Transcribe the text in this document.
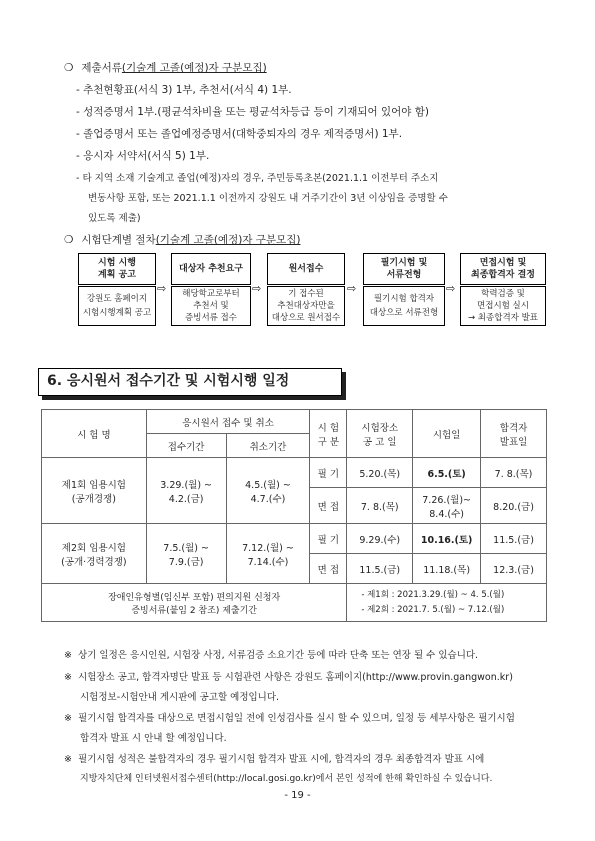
❍ 제출서류(기술계 고졸(예정)자 구분모집)
- 추천현황표(서식 3) 1부, 추천서(서식 4) 1부.
- 성적증명서 1부.(평균석차비율 또는 평균석차등급 등이 기재되어 있어야 함)
- 졸업증명서 또는 졸업예정증명서(대학중퇴자의 경우 제적증명서) 1부.
- 응시자 서약서(서식 5) 1부.
- 타 지역 소재 기술계고 졸업(예정)자의 경우, 주민등록초본(2021.1.1 이전부터 주소지
변동사항 포함, 또는 2021.1.1 이전까지 강원도 내 거주기간이 3년 이상임을 증명할 수
있도록 제출)
❍ 시험단계별 절차(기술계 고졸(예정)자 구분모집)
시험 시행
계획 공고
강원도 홈페이지
시험시행계획 공고
⇨
대상자 추천요구
해당학교로부터
추천서 및
증빙서류 접수
⇨
원서접수
기 접수된
추천대상자만을
대상으로 원서접수
⇨
필기시험 및
서류전형
필기시험 합격자
대상으로 서류전형
⇨
면접시험 및
최종합격자 결정
학력검증 및
면접시험 실시
→ 최종합격자 발표
6. 응시원서 접수기간 및 시험시행 일정
시 험 명	응시원서 접수 및 취소		시 험
구 분	시험장소
공 고 일	시험일	합격자
발표일
	접수기간	취소기간				
제1회 임용시험
(공개경쟁)	3.29.(월) ~
4.2.(금)	4.5.(월) ~
4.7.(수)	필 기	5.20.(목)	6.5.(토)	7. 8.(목)
			면 접	7. 8.(목)	7.26.(월)~
8.4.(수)	8.20.(금)
제2회 임용시험
(공개·경력경쟁)	7.5.(월) ~
7.9.(금)	7.12.(월) ~
7.14.(수)	필 기	9.29.(수)	10.16.(토)	11.5.(금)
			면 접	11.5.(금)	11.18.(목)	12.3.(금)
장애인유형별(임신부 포함) 편의지원 신청자
증빙서류(붙임 2 참조) 제출기간				- 제1회 : 2021.3.29.(월) ~ 4. 5.(월)
- 제2회 : 2021.7. 5.(월) ~ 7.12.(월)		
※ 상기 일정은 응시인원, 시험장 사정, 서류검증 소요기간 등에 따라 단축 또는 연장 될 수 있습니다.
※ 시험장소 공고, 합격자명단 발표 등 시험관련 사항은 강원도 홈페이지(http://www.provin.gangwon.kr)
시험정보-시험안내 게시판에 공고할 예정입니다.
※ 필기시험 합격자를 대상으로 면접시험일 전에 인성검사를 실시 할 수 있으며, 일정 등 세부사항은 필기시험
합격자 발표 시 안내 할 예정입니다.
※ 필기시험 성적은 불합격자의 경우 필기시험 합격자 발표 시에, 합격자의 경우 최종합격자 발표 시에
지방자치단체 인터넷원서접수센터(http://local.gosi.go.kr)에서 본인 성적에 한해 확인하실 수 있습니다.
- 19 -
